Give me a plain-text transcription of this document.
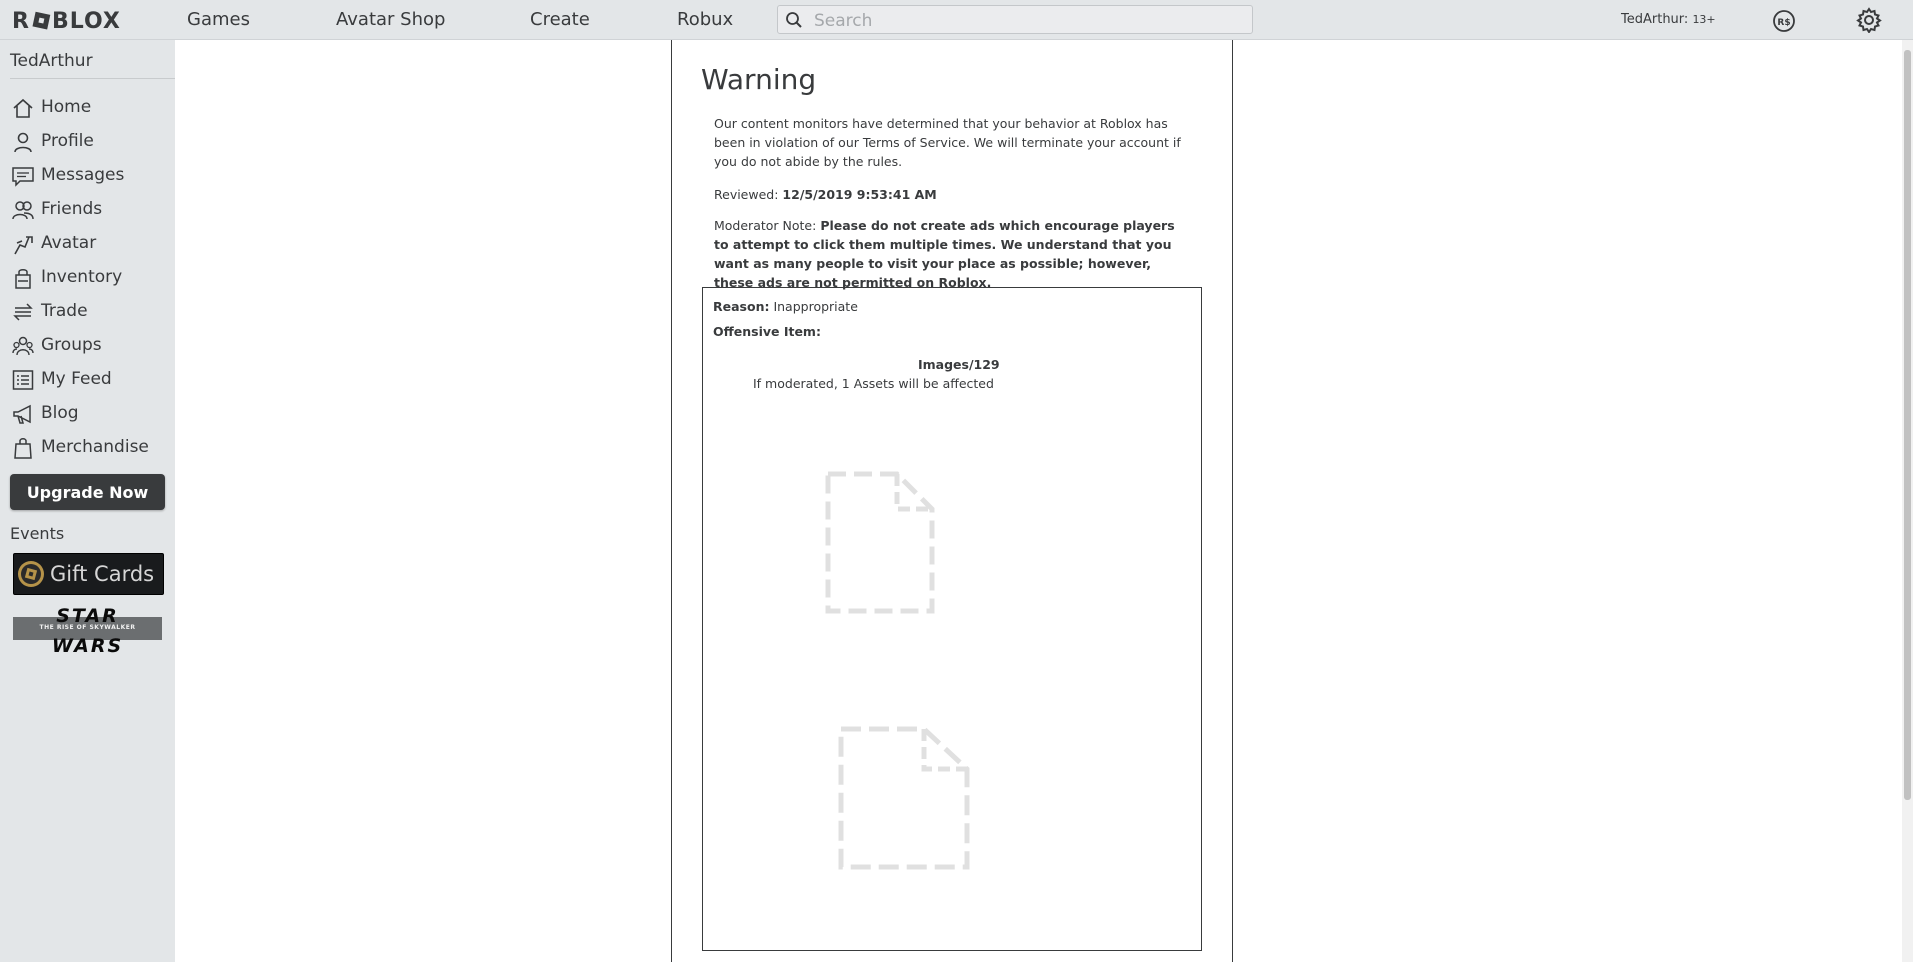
R BLOX	Games	Avatar Shop	Create	Robux
Search	TedArthur: 13+	R$
TedArthur
Home
Profile
Messages
Friends
Avatar
Inventory
Trade
Groups
My Feed
Blog
Merchandise
Upgrade Now
Events
Gift Cards
STAR
THE RISE OF SKYWALKER
WARS
Warning
Our content monitors have determined that your behavior at Roblox has been in violation of our Terms of Service. We will terminate your account if you do not abide by the rules.
Reviewed: 12/5/2019 9:53:41 AM
Moderator Note: Please do not create ads which encourage players to attempt to click them multiple times. We understand that you want as many people to visit your place as possible; however, these ads are not permitted on Roblox.
Reason: Inappropriate
Offensive Item:
Images/129
If moderated, 1 Assets will be affected
